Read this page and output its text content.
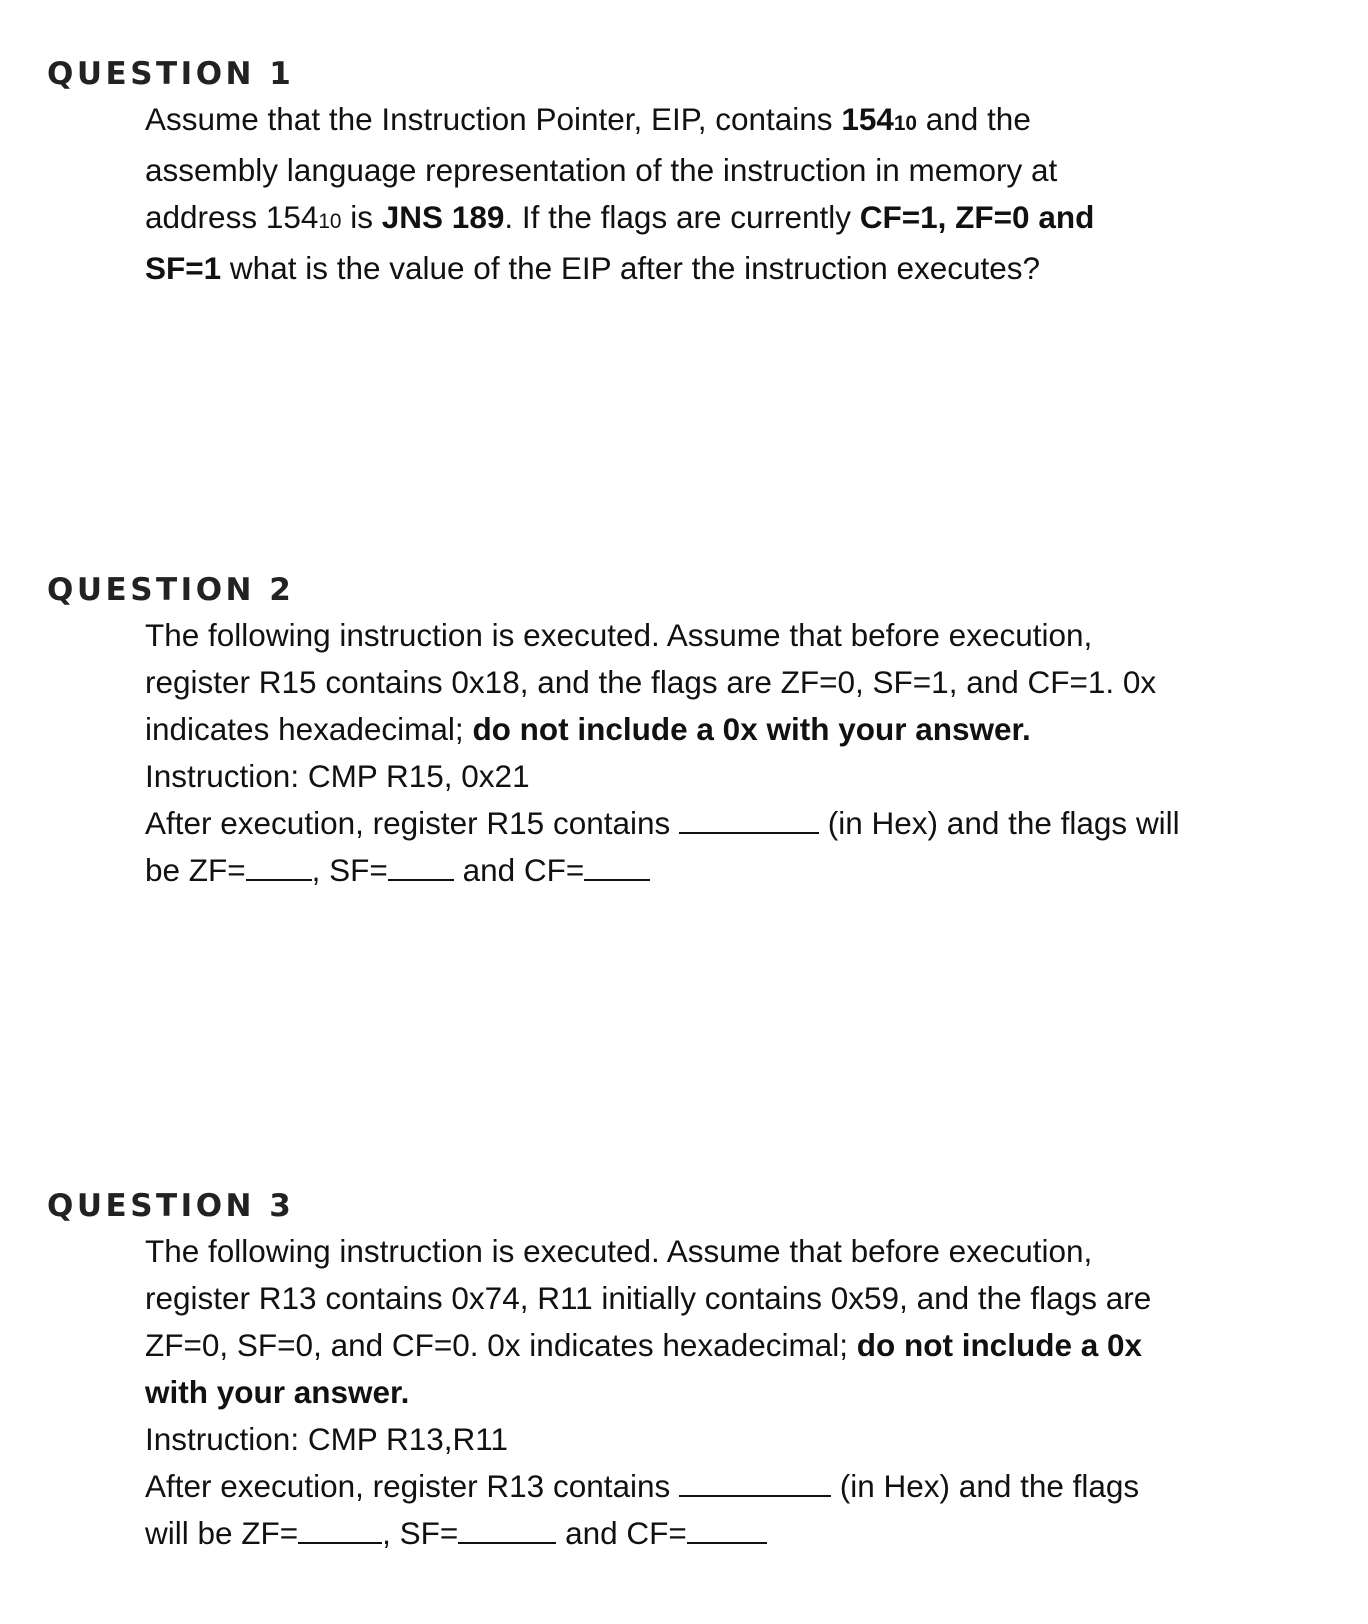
QUESTION 1
Assume that the Instruction Pointer, EIP, contains 15410 and the
assembly language representation of the instruction in memory at
address 15410 is JNS 189. If the flags are currently CF=1, ZF=0 and
SF=1 what is the value of the EIP after the instruction executes?
QUESTION 2
The following instruction is executed. Assume that before execution,
register R15 contains 0x18, and the flags are ZF=0, SF=1, and CF=1. 0x
indicates hexadecimal; do not include a 0x with your answer.
Instruction: CMP R15, 0x21
After execution, register R15 contains	(in Hex) and the flags will
be ZF= , SF= and CF=
QUESTION 3
The following instruction is executed. Assume that before execution,
register R13 contains 0x74, R11 initially contains 0x59, and the flags are
ZF=0, SF=0, and CF=0. 0x indicates hexadecimal; do not include a 0x
with your answer.
Instruction: CMP R13,R11
After execution, register R13 contains	(in Hex) and the flags
will be ZF=	, SF=	and CF=
